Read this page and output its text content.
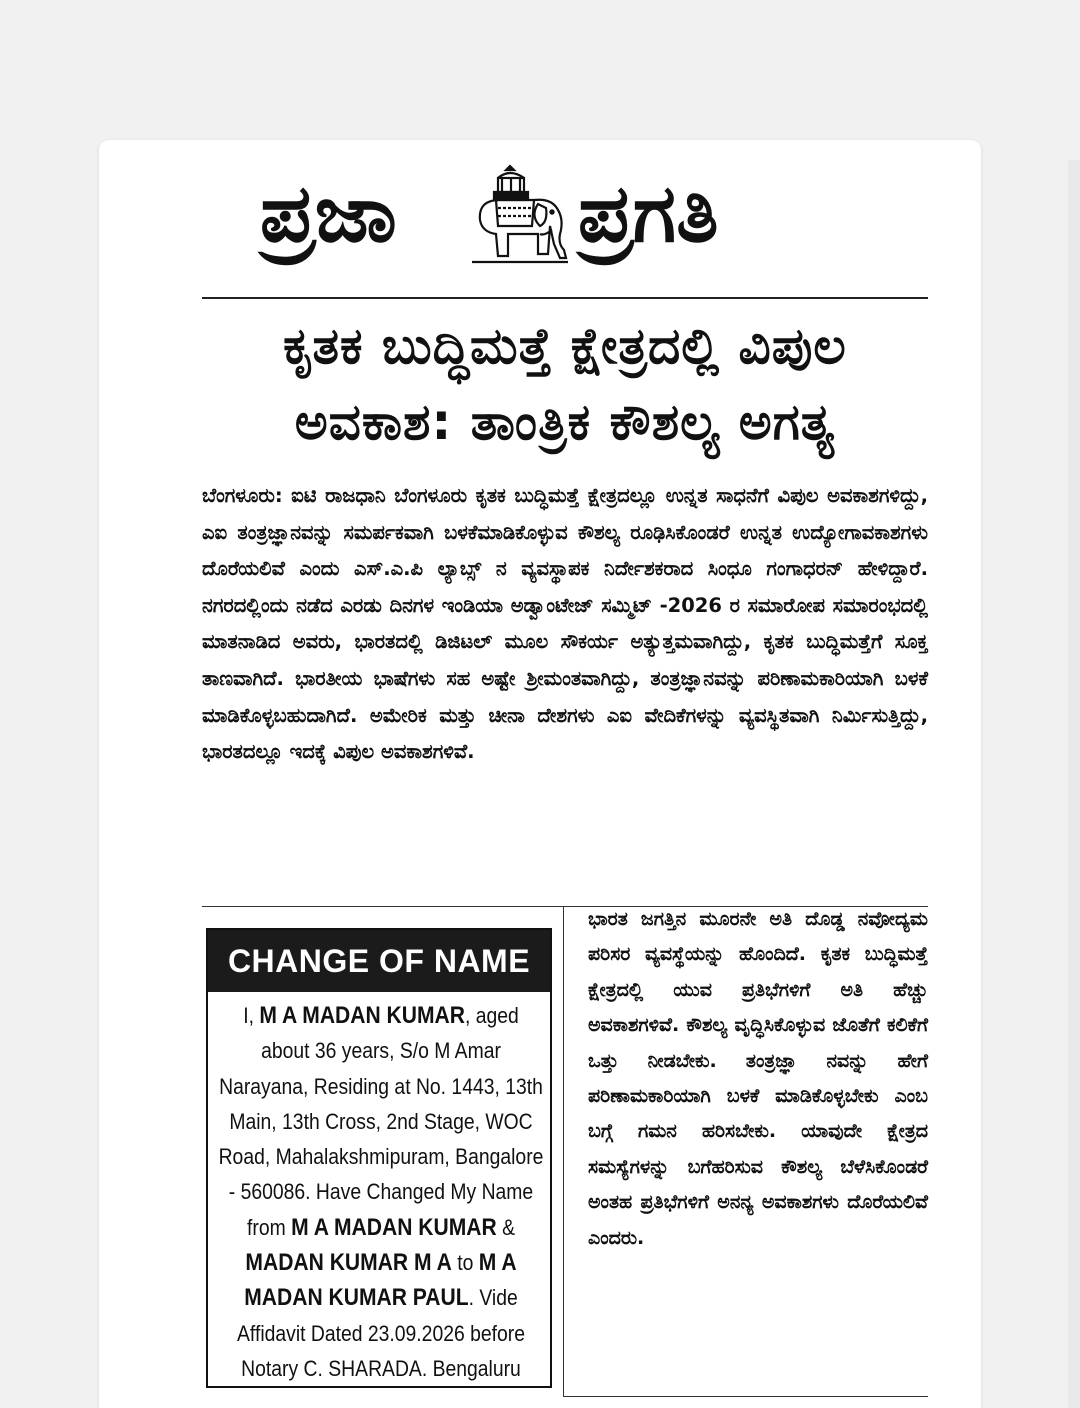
ಪ್ರಜಾ ಪ್ರಗತಿ
ಕೃತಕ ಬುದ್ಧಿಮತ್ತೆ ಕ್ಷೇತ್ರದಲ್ಲಿ ವಿಪುಲ
ಅವಕಾಶ: ತಾಂತ್ರಿಕ ಕೌಶಲ್ಯ ಅಗತ್ಯ
ಬೆಂಗಳೂರು: ಐಟಿ ರಾಜಧಾನಿ ಬೆಂಗಳೂರು ಕೃತಕ ಬುದ್ಧಿಮತ್ತೆ ಕ್ಷೇತ್ರದಲ್ಲೂ ಉನ್ನತ ಸಾಧನೆಗೆ ವಿಪುಲ ಅವಕಾಶಗಳಿದ್ದು, ಎಐ ತಂತ್ರಜ್ಞಾನವನ್ನು ಸಮರ್ಪಕವಾಗಿ ಬಳಕೆಮಾಡಿಕೊಳ್ಳುವ ಕೌಶಲ್ಯ ರೂಢಿಸಿಕೊಂಡರೆ ಉನ್ನತ ಉದ್ಯೋಗಾವಕಾಶಗಳು ದೊರೆಯಲಿವೆ ಎಂದು ಎಸ್.ಎ.ಪಿ ಲ್ಯಾಬ್ಸ್ ನ ವ್ಯವಸ್ಥಾಪಕ ನಿರ್ದೇಶಕರಾದ ಸಿಂಧೂ ಗಂಗಾಧರನ್ ಹೇಳಿದ್ದಾರೆ. ನಗರದಲ್ಲಿಂದು ನಡೆದ ಎರಡು ದಿನಗಳ ಇಂಡಿಯಾ ಅಡ್ವಾಂಟೇಜ್ ಸಮ್ಮಿಟ್ -2026 ರ ಸಮಾರೋಪ ಸಮಾರಂಭದಲ್ಲಿ ಮಾತನಾಡಿದ ಅವರು, ಭಾರತದಲ್ಲಿ ಡಿಜಿಟಲ್ ಮೂಲ ಸೌಕರ್ಯ ಅತ್ಯುತ್ತಮವಾಗಿದ್ದು, ಕೃತಕ ಬುದ್ಧಿಮತ್ತೆಗೆ ಸೂಕ್ತ ತಾಣವಾಗಿದೆ. ಭಾರತೀಯ ಭಾಷೆಗಳು ಸಹ ಅಷ್ಟೇ ಶ್ರೀಮಂತವಾಗಿದ್ದು, ತಂತ್ರಜ್ಞಾನವನ್ನು ಪರಿಣಾಮಕಾರಿಯಾಗಿ ಬಳಕೆ ಮಾಡಿಕೊಳ್ಳಬಹುದಾಗಿದೆ. ಅಮೇರಿಕ ಮತ್ತು ಚೀನಾ ದೇಶಗಳು ಎಐ ವೇದಿಕೆಗಳನ್ನು ವ್ಯವಸ್ಥಿತವಾಗಿ ನಿರ್ಮಿಸುತ್ತಿದ್ದು, ಭಾರತದಲ್ಲೂ ಇದಕ್ಕೆ ವಿಪುಲ ಅವಕಾಶಗಳಿವೆ.
CHANGE OF NAME
I, M A MADAN KUMAR, aged about 36 years, S/o M Amar Narayana, Residing at No. 1443, 13th Main, 13th Cross, 2nd Stage, WOC Road, Mahalakshmipuram, Bangalore - 560086. Have Changed My Name from M A MADAN KUMAR & MADAN KUMAR M A to M A MADAN KUMAR PAUL. Vide Affidavit Dated 23.09.2026 before Notary C. SHARADA. Bengaluru
ಭಾರತ ಜಗತ್ತಿನ ಮೂರನೇ ಅತಿ ದೊಡ್ಡ ನವೋದ್ಯಮ ಪರಿಸರ ವ್ಯವಸ್ಥೆಯನ್ನು ಹೊಂದಿದೆ. ಕೃತಕ ಬುದ್ಧಿಮತ್ತೆ ಕ್ಷೇತ್ರದಲ್ಲಿ ಯುವ ಪ್ರತಿಭೆಗಳಿಗೆ ಅತಿ ಹೆಚ್ಚು ಅವಕಾಶಗಳಿವೆ. ಕೌಶಲ್ಯ ವೃದ್ಧಿಸಿಕೊಳ್ಳುವ ಜೊತೆಗೆ ಕಲಿಕೆಗೆ ಒತ್ತು ನೀಡಬೇಕು. ತಂತ್ರಜ್ಞಾ ನವನ್ನು ಹೇಗೆ ಪರಿಣಾಮಕಾರಿಯಾಗಿ ಬಳಕೆ ಮಾಡಿಕೊಳ್ಳಬೇಕು ಎಂಬ ಬಗ್ಗೆ ಗಮನ ಹರಿಸಬೇಕು. ಯಾವುದೇ ಕ್ಷೇತ್ರದ ಸಮಸ್ಯೆಗಳನ್ನು ಬಗೆಹರಿಸುವ ಕೌಶಲ್ಯ ಬೆಳೆಸಿಕೊಂಡರೆ ಅಂತಹ ಪ್ರತಿಭೆಗಳಿಗೆ ಅನನ್ಯ ಅವಕಾಶಗಳು ದೊರೆಯಲಿವೆ ಎಂದರು.
